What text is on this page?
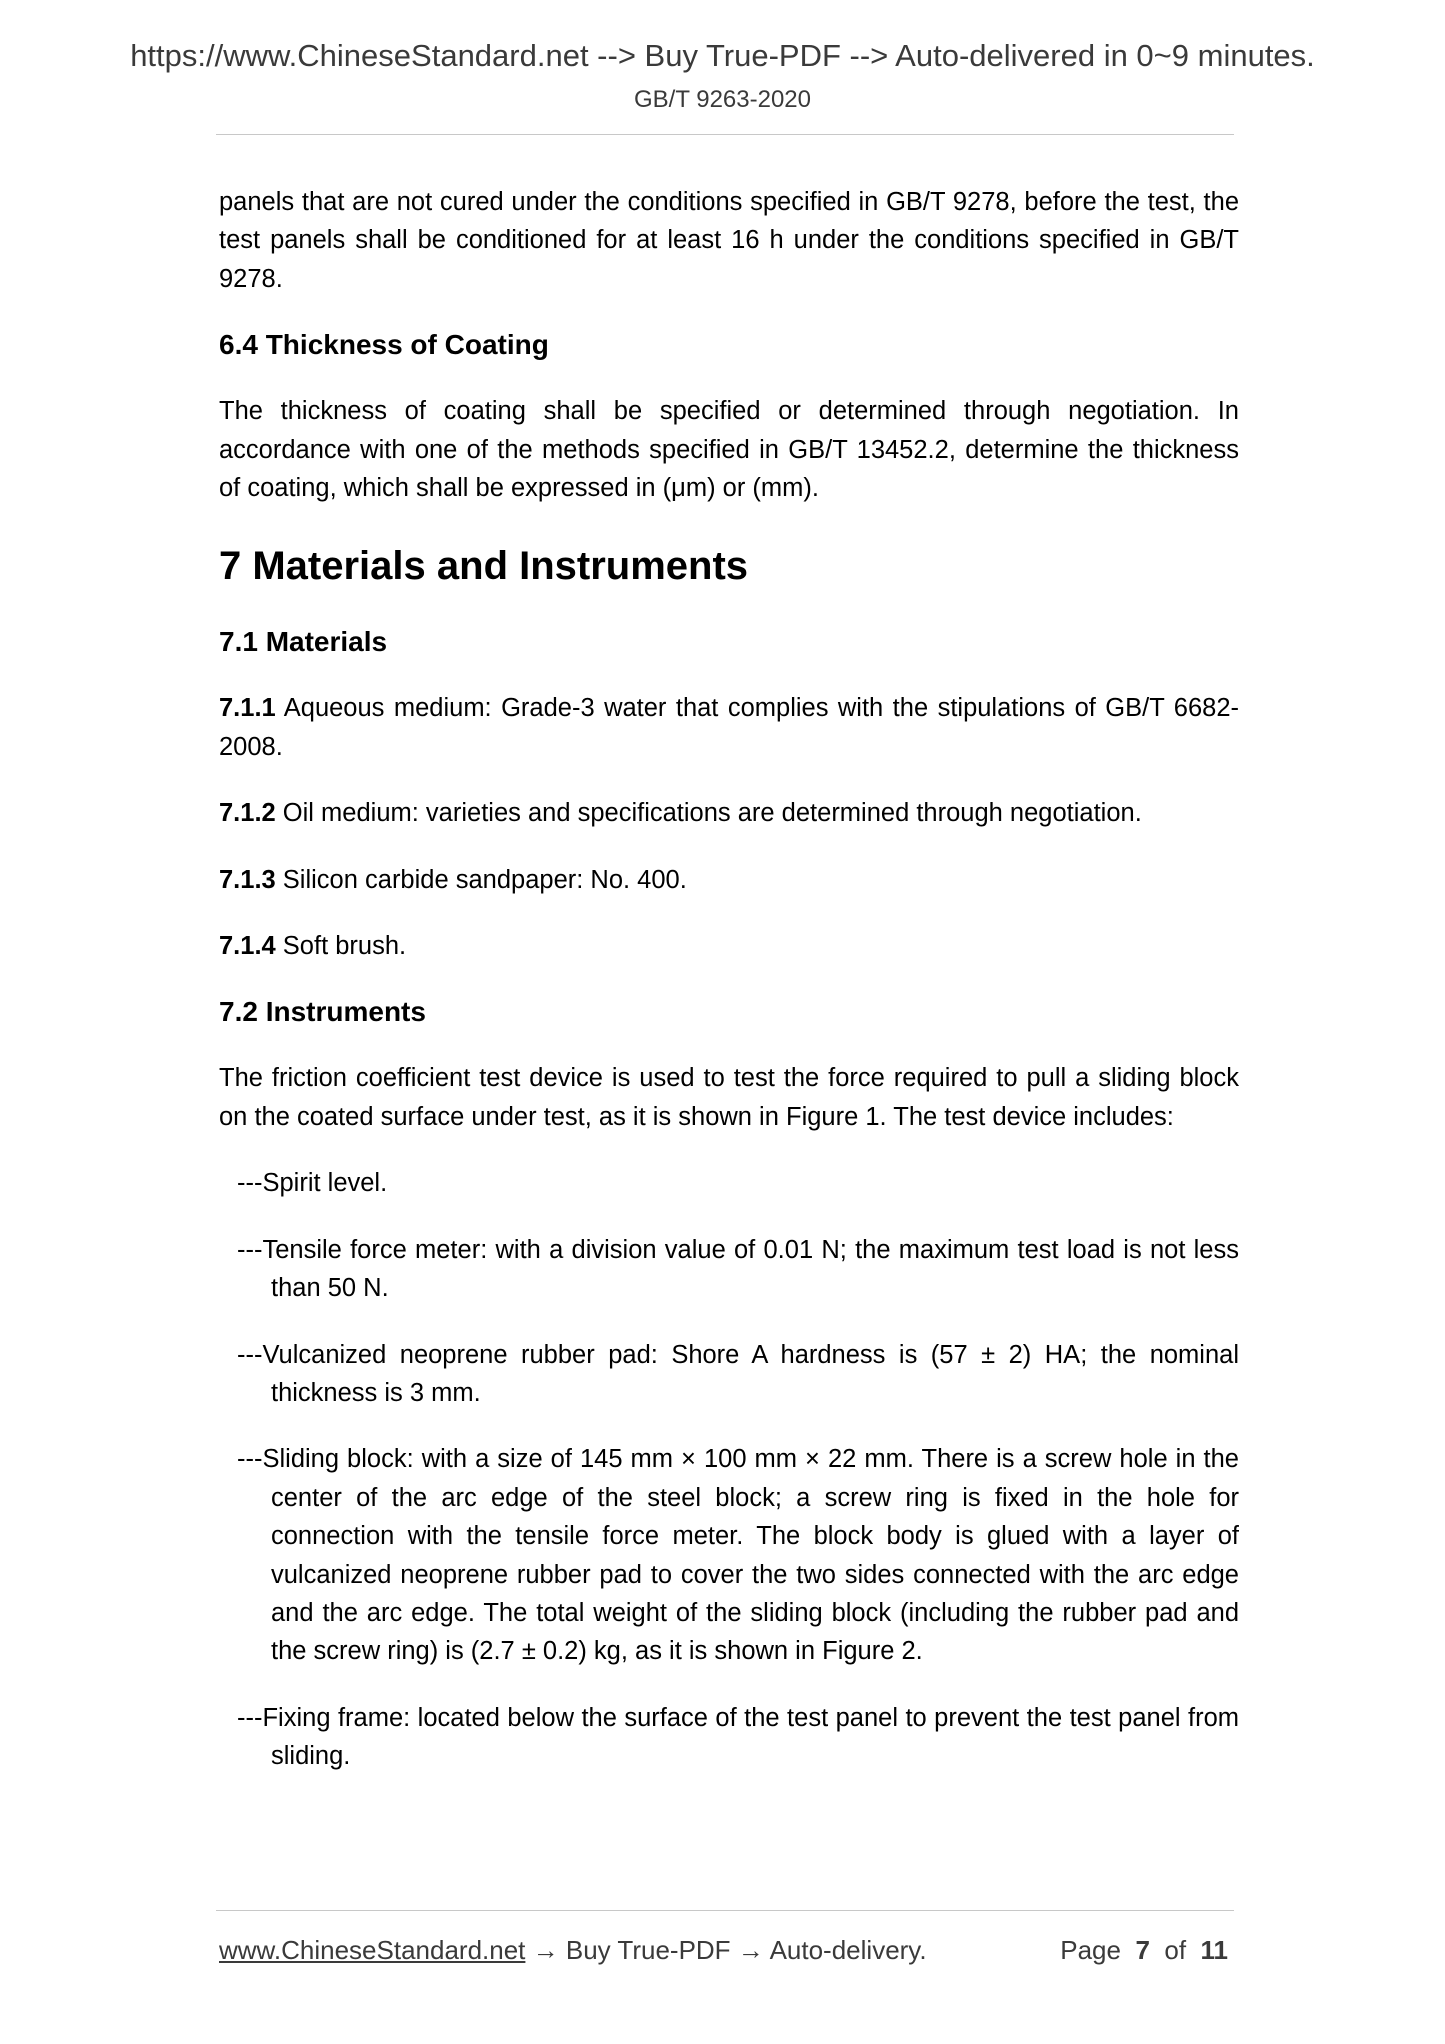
https://www.ChineseStandard.net --> Buy True-PDF --> Auto-delivered in 0~9 minutes.

GB/T 9263-2020

panels that are not cured under the conditions specified in GB/T 9278, before the test, the test panels shall be conditioned for at least 16 h under the conditions specified in GB/T 9278.

6.4 Thickness of Coating

The thickness of coating shall be specified or determined through negotiation. In accordance with one of the methods specified in GB/T 13452.2, determine the thickness of coating, which shall be expressed in (μm) or (mm).

7 Materials and Instruments

7.1 Materials

7.1.1 Aqueous medium: Grade-3 water that complies with the stipulations of GB/T 6682-2008.

7.1.2 Oil medium: varieties and specifications are determined through negotiation.

7.1.3 Silicon carbide sandpaper: No. 400.

7.1.4 Soft brush.

7.2 Instruments

The friction coefficient test device is used to test the force required to pull a sliding block on the coated surface under test, as it is shown in Figure 1. The test device includes:

---Spirit level.

---Tensile force meter: with a division value of 0.01 N; the maximum test load is not less than 50 N.

---Vulcanized neoprene rubber pad: Shore A hardness is (57 ± 2) HA; the nominal thickness is 3 mm.

---Sliding block: with a size of 145 mm × 100 mm × 22 mm. There is a screw hole in the center of the arc edge of the steel block; a screw ring is fixed in the hole for connection with the tensile force meter. The block body is glued with a layer of vulcanized neoprene rubber pad to cover the two sides connected with the arc edge and the arc edge. The total weight of the sliding block (including the rubber pad and the screw ring) is (2.7 ± 0.2) kg, as it is shown in Figure 2.

---Fixing frame: located below the surface of the test panel to prevent the test panel from sliding.

www.ChineseStandard.net → Buy True-PDF → Auto-delivery.	Page 7 of 11
